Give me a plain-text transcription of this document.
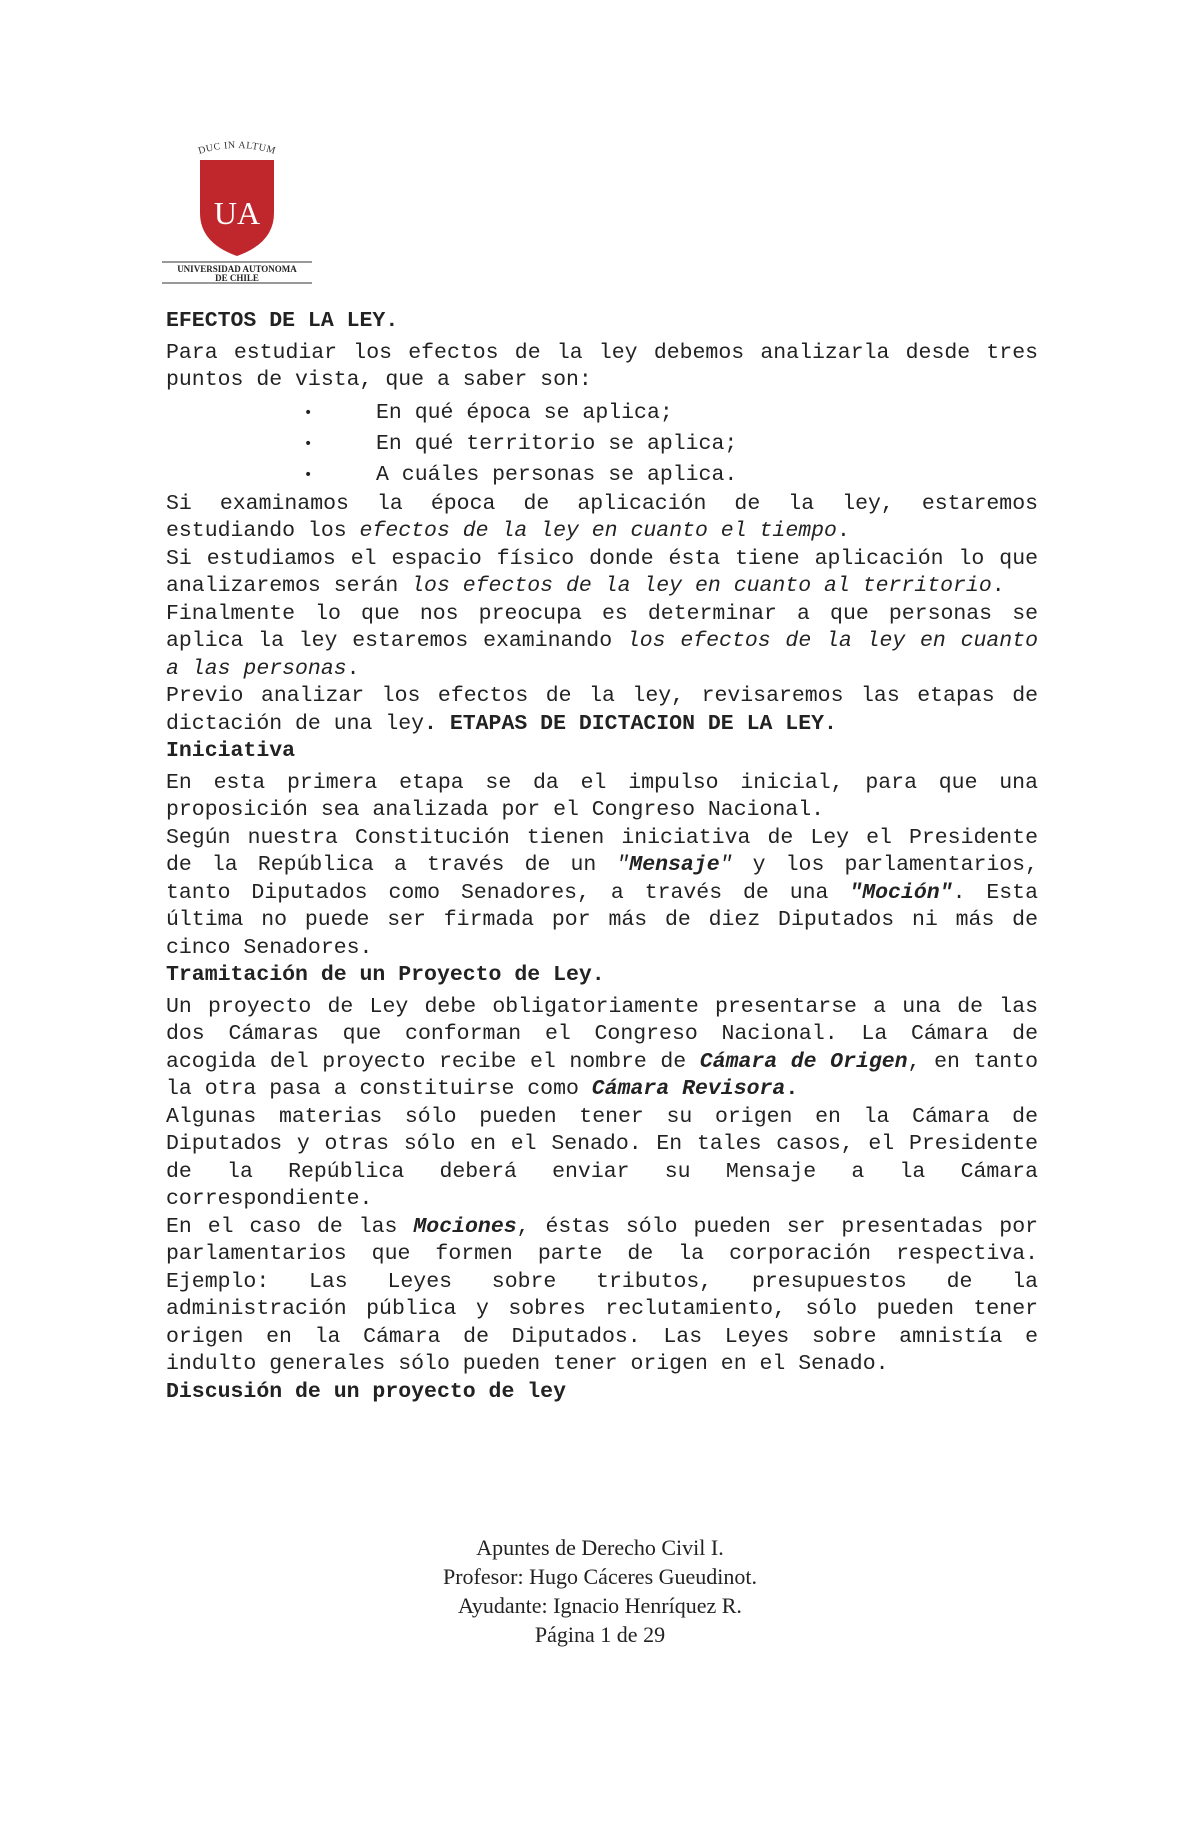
DUC IN ALTUM
UA
UNIVERSIDAD AUTONOMA
DE CHILE
EFECTOS DE LA LEY.

Para estudiar los efectos de la ley debemos analizarla desde tres puntos de vista, que a saber son:

•	En qué época se aplica;
•	En qué territorio se aplica;
•	A cuáles personas se aplica.

Si examinamos la época de aplicación de la ley, estaremos estudiando los efectos de la ley en cuanto el tiempo.

Si estudiamos el espacio físico donde ésta tiene aplicación lo que analizaremos serán los efectos de la ley en cuanto al territorio.

Finalmente lo que nos preocupa es determinar a que personas se aplica la ley estaremos examinando los efectos de la ley en cuanto a las personas.

Previo analizar los efectos de la ley, revisaremos las etapas de dictación de una ley. ETAPAS DE DICTACION DE LA LEY.

Iniciativa

En esta primera etapa se da el impulso inicial, para que una proposición sea analizada por el Congreso Nacional.

Según nuestra Constitución tienen iniciativa de Ley el Presidente de la República a través de un "Mensaje" y los parlamentarios, tanto Diputados como Senadores, a través de una "Moción". Esta última no puede ser firmada por más de diez Diputados ni más de cinco Senadores.

Tramitación de un Proyecto de Ley.

Un proyecto de Ley debe obligatoriamente presentarse a una de las dos Cámaras que conforman el Congreso Nacional. La Cámara de acogida del proyecto recibe el nombre de Cámara de Origen, en tanto la otra pasa a constituirse como Cámara Revisora.

Algunas materias sólo pueden tener su origen en la Cámara de Diputados y otras sólo en el Senado. En tales casos, el Presidente de la República deberá enviar su Mensaje a la Cámara correspondiente.

En el caso de las Mociones, éstas sólo pueden ser presentadas por parlamentarios que formen parte de la corporación respectiva. Ejemplo: Las Leyes sobre tributos, presupuestos de la administración pública y sobres reclutamiento, sólo pueden tener origen en la Cámara de Diputados. Las Leyes sobre amnistía e indulto generales sólo pueden tener origen en el Senado.

Discusión de un proyecto de ley
Apuntes de Derecho Civil I.
Profesor: Hugo Cáceres Gueudinot.
Ayudante: Ignacio Henríquez R.
Página 1 de 29
